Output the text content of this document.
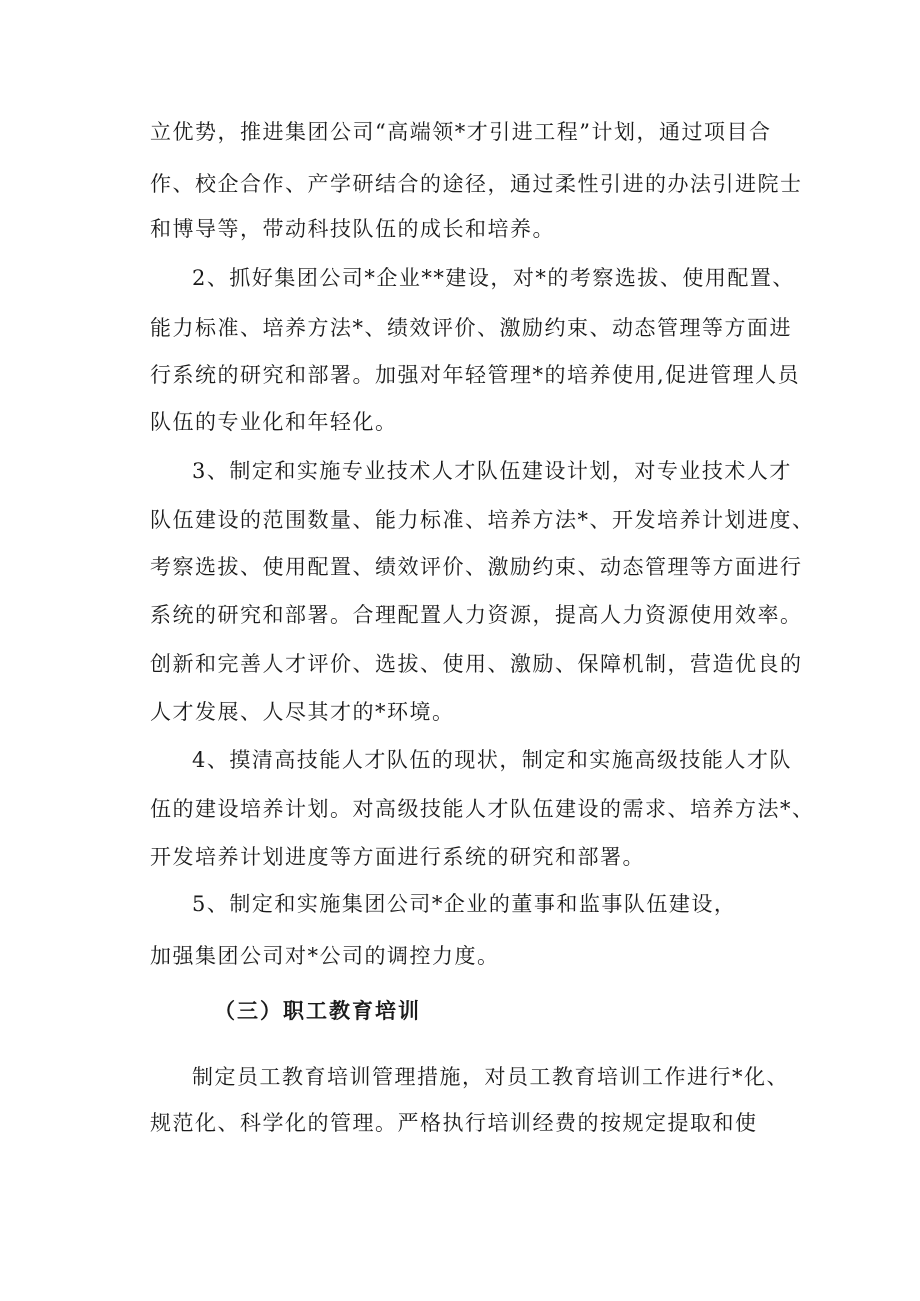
立优势，推进集团公司“高端领*才引进工程”计划，通过项目合
作、校企合作、产学研结合的途径，通过柔性引进的办法引进院士
和博导等，带动科技队伍的成长和培养。
2、抓好集团公司*企业**建设，对*的考察选拔、使用配置、
能力标准、培养方法*、绩效评价、激励约束、动态管理等方面进
行系统的研究和部署。加强对年轻管理*的培养使用,促进管理人员
队伍的专业化和年轻化。
3、制定和实施专业技术人才队伍建设计划，对专业技术人才
队伍建设的范围数量、能力标准、培养方法*、开发培养计划进度、
考察选拔、使用配置、绩效评价、激励约束、动态管理等方面进行
系统的研究和部署。合理配置人力资源，提高人力资源使用效率。
创新和完善人才评价、选拔、使用、激励、保障机制，营造优良的
人才发展、人尽其才的*环境。
4、摸清高技能人才队伍的现状，制定和实施高级技能人才队
伍的建设培养计划。对高级技能人才队伍建设的需求、培养方法*、
开发培养计划进度等方面进行系统的研究和部署。
5、制定和实施集团公司*企业的董事和监事队伍建设，
加强集团公司对*公司的调控力度。
（三）职工教育培训
制定员工教育培训管理措施，对员工教育培训工作进行*化、
规范化、科学化的管理。严格执行培训经费的按规定提取和使
